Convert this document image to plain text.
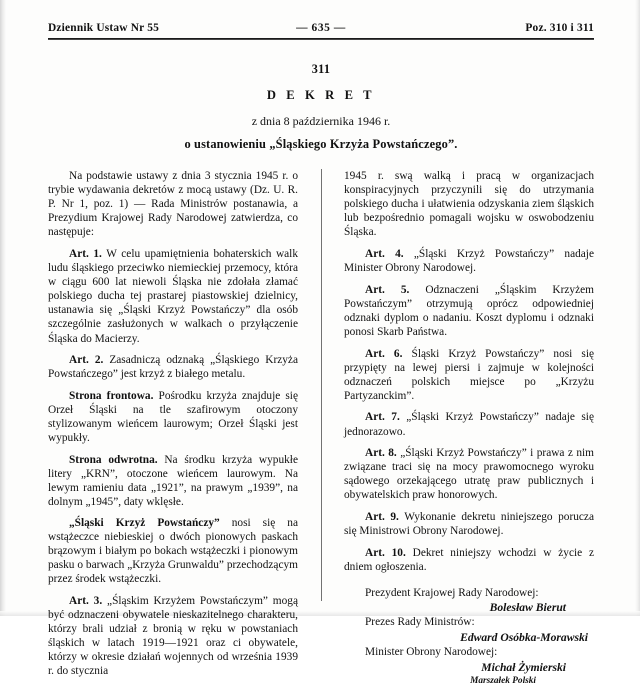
Dziennik Ustaw Nr 55	— 635 —	Poz. 310 i 311
311
D E K R E T
z dnia 8 października 1946 r.
o ustanowieniu „Śląskiego Krzyża Powstańczego”.

Na podstawie ustawy z dnia 3 stycznia 1945 r. o trybie wydawania dekretów z mocą ustawy (Dz. U. R. P. Nr 1, poz. 1) — Rada Ministrów postanawia, a Prezydium Krajowej Rady Narodowej zatwierdza, co następuje:

Art. 1. W celu upamiętnienia bohaterskich walk ludu śląskiego przeciwko niemieckiej przemocy, która w ciągu 600 lat niewoli Śląska nie zdołała złamać polskiego ducha tej prastarej piastowskiej dzielnicy, ustanawia się „Śląski Krzyż Powstańczy” dla osób szczególnie zasłużonych w walkach o przyłączenie Śląska do Macierzy.

Art. 2. Zasadniczą odznaką „Śląskiego Krzyża Powstańczego” jest krzyż z białego metalu.

Strona frontowa. Pośrodku krzyża znajduje się Orzeł Śląski na tle szafirowym otoczony stylizowanym wieńcem laurowym; Orzeł Śląski jest wypukły.

Strona odwrotna. Na środku krzyża wypukłe litery „KRN”, otoczone wieńcem laurowym. Na lewym ramieniu data „1921”, na prawym „1939”, na dolnym „1945”, daty wklęsłe.

„Śląski Krzyż Powstańczy” nosi się na wstążeczce niebieskiej o dwóch pionowych paskach brązowym i białym po bokach wstążeczki i pionowym pasku o barwach „Krzyża Grunwaldu” przechodzącym przez środek wstążeczki.

Art. 3. „Śląskim Krzyżem Powstańczym” mogą być odznaczeni obywatele nieskazitelnego charakteru, którzy brali udział z bronią w ręku w powstaniach śląskich w latach 1919—1921 oraz ci obywatele, którzy w okresie działań wojennych od września 1939 r. do stycznia

1945 r. swą walką i pracą w organizacjach konspiracyjnych przyczynili się do utrzymania polskiego ducha i ułatwienia odzyskania ziem śląskich lub bezpośrednio pomagali wojsku w oswobodzeniu Śląska.

Art. 4. „Śląski Krzyż Powstańczy” nadaje Minister Obrony Narodowej.

Art. 5. Odznaczeni „Śląskim Krzyżem Powstańczym” otrzymują oprócz odpowiedniej odznaki dyplom o nadaniu. Koszt dyplomu i odznaki ponosi Skarb Państwa.

Art. 6. Śląski Krzyż Powstańczy” nosi się przypięty na lewej piersi i zajmuje w kolejności odznaczeń polskich miejsce po „Krzyżu Partyzanckim”.

Art. 7. „Śląski Krzyż Powstańczy” nadaje się jednorazowo.

Art. 8. „Śląski Krzyż Powstańczy” i prawa z nim związane traci się na mocy prawomocnego wyroku sądowego orzekającego utratę praw publicznych i obywatelskich praw honorowych.

Art. 9. Wykonanie dekretu niniejszego porucza się Ministrowi Obrony Narodowej.

Art. 10. Dekret niniejszy wchodzi w życie z dniem ogłoszenia.

Prezydent Krajowej Rady Narodowej:
Bolesław Bierut
Prezes Rady Ministrów:
Edward Osóbka-Morawski
Minister Obrony Narodowej:
Michał Żymierski
Marszałek Polski
